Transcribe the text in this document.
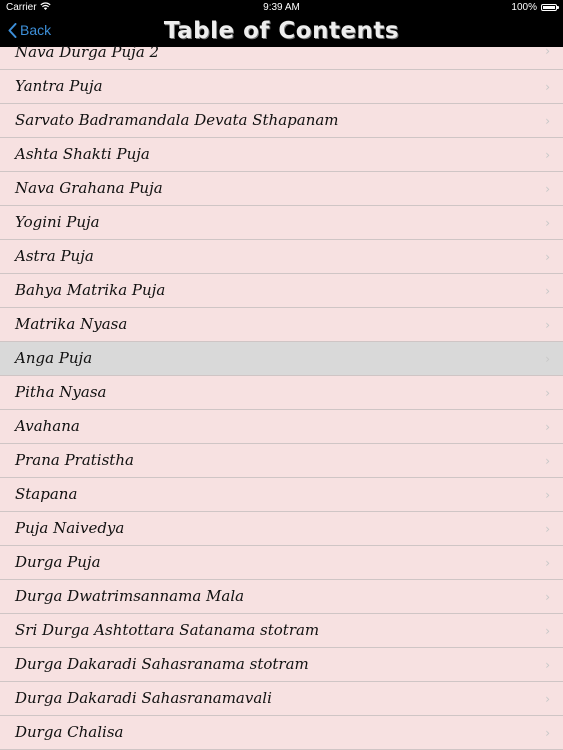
Carrier	9:39 AM	100%
Back	Table of Contents
Nava Durga Puja 2	›
Yantra Puja	›
Sarvato Badramandala Devata Sthapanam	›
Ashta Shakti Puja	›
Nava Grahana Puja	›
Yogini Puja	›
Astra Puja	›
Bahya Matrika Puja	›
Matrika Nyasa	›
Anga Puja	›
Pitha Nyasa	›
Avahana	›
Prana Pratistha	›
Stapana	›
Puja Naivedya	›
Durga Puja	›
Durga Dwatrimsannama Mala	›
Sri Durga Ashtottara Satanama stotram	›
Durga Dakaradi Sahasranama stotram	›
Durga Dakaradi Sahasranamavali	›
Durga Chalisa	›
